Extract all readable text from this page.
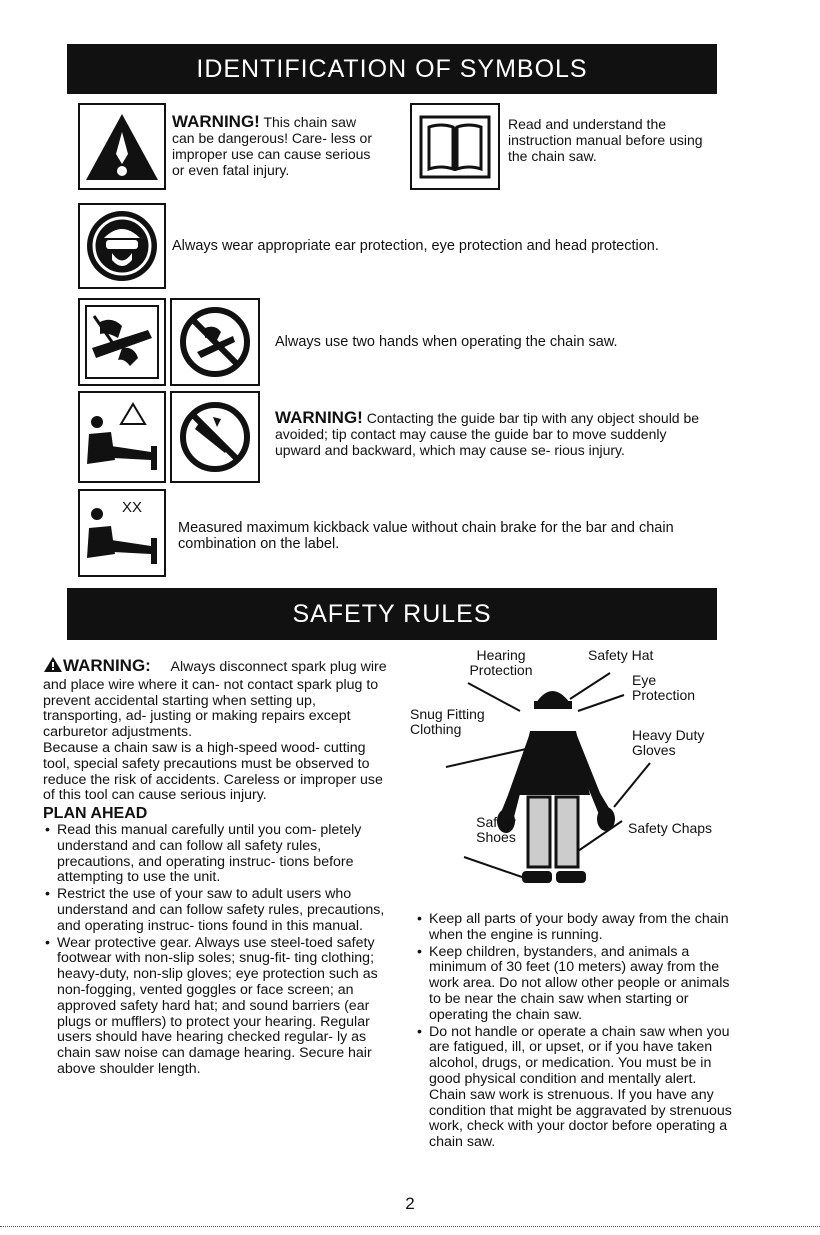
IDENTIFICATION OF SYMBOLS
WARNING! This chain saw can be dangerous! Care- less or improper use can cause serious or even fatal injury.
Read and understand the instruction manual before using the chain saw.
Always wear appropriate ear protection, eye protection and head protection.
Always use two hands when operating the chain saw.
WARNING! Contacting the guide bar tip with any object should be avoided; tip contact may cause the guide bar to move suddenly upward and backward, which may cause se- rious injury.
XX
Measured maximum kickback value without chain brake for the bar and chain combination on the label.
SAFETY RULES

WARNING: Always disconnect spark plug wire and place wire where it can- not contact spark plug to prevent accidental starting when setting up, transporting, ad- justing or making repairs except carburetor adjustments.

Because a chain saw is a high-speed wood- cutting tool, special safety precautions must be observed to reduce the risk of accidents. Careless or improper use of this tool can cause serious injury.

PLAN AHEAD
• Read this manual carefully until you com- pletely understand and can follow all safety rules, precautions, and operating instruc- tions before attempting to use the unit.
• Restrict the use of your saw to adult users who understand and can follow safety rules, precautions, and operating instruc- tions found in this manual.
• Wear protective gear. Always use steel-toed safety footwear with non-slip soles; snug-fit- ting clothing; heavy-duty, non-slip gloves; eye protection such as non-fogging, vented goggles or face screen; an approved safety hard hat; and sound barriers (ear plugs or mufflers) to protect your hearing. Regular users should have hearing checked regular- ly as chain saw noise can damage hearing. Secure hair above shoulder length.
Hearing Protection
Safety Hat
Eye Protection
Snug Fitting Clothing	Heavy Duty Gloves
Safety Shoes
Safety Chaps
• Keep all parts of your body away from the chain when the engine is running.
• Keep children, bystanders, and animals a minimum of 30 feet (10 meters) away from the work area. Do not allow other people or animals to be near the chain saw when starting or operating the chain saw.
• Do not handle or operate a chain saw when you are fatigued, ill, or upset, or if you have taken alcohol, drugs, or medication. You must be in good physical condition and mentally alert. Chain saw work is strenuous. If you have any condition that might be aggravated by strenuous work, check with your doctor before operating a chain saw.
2
